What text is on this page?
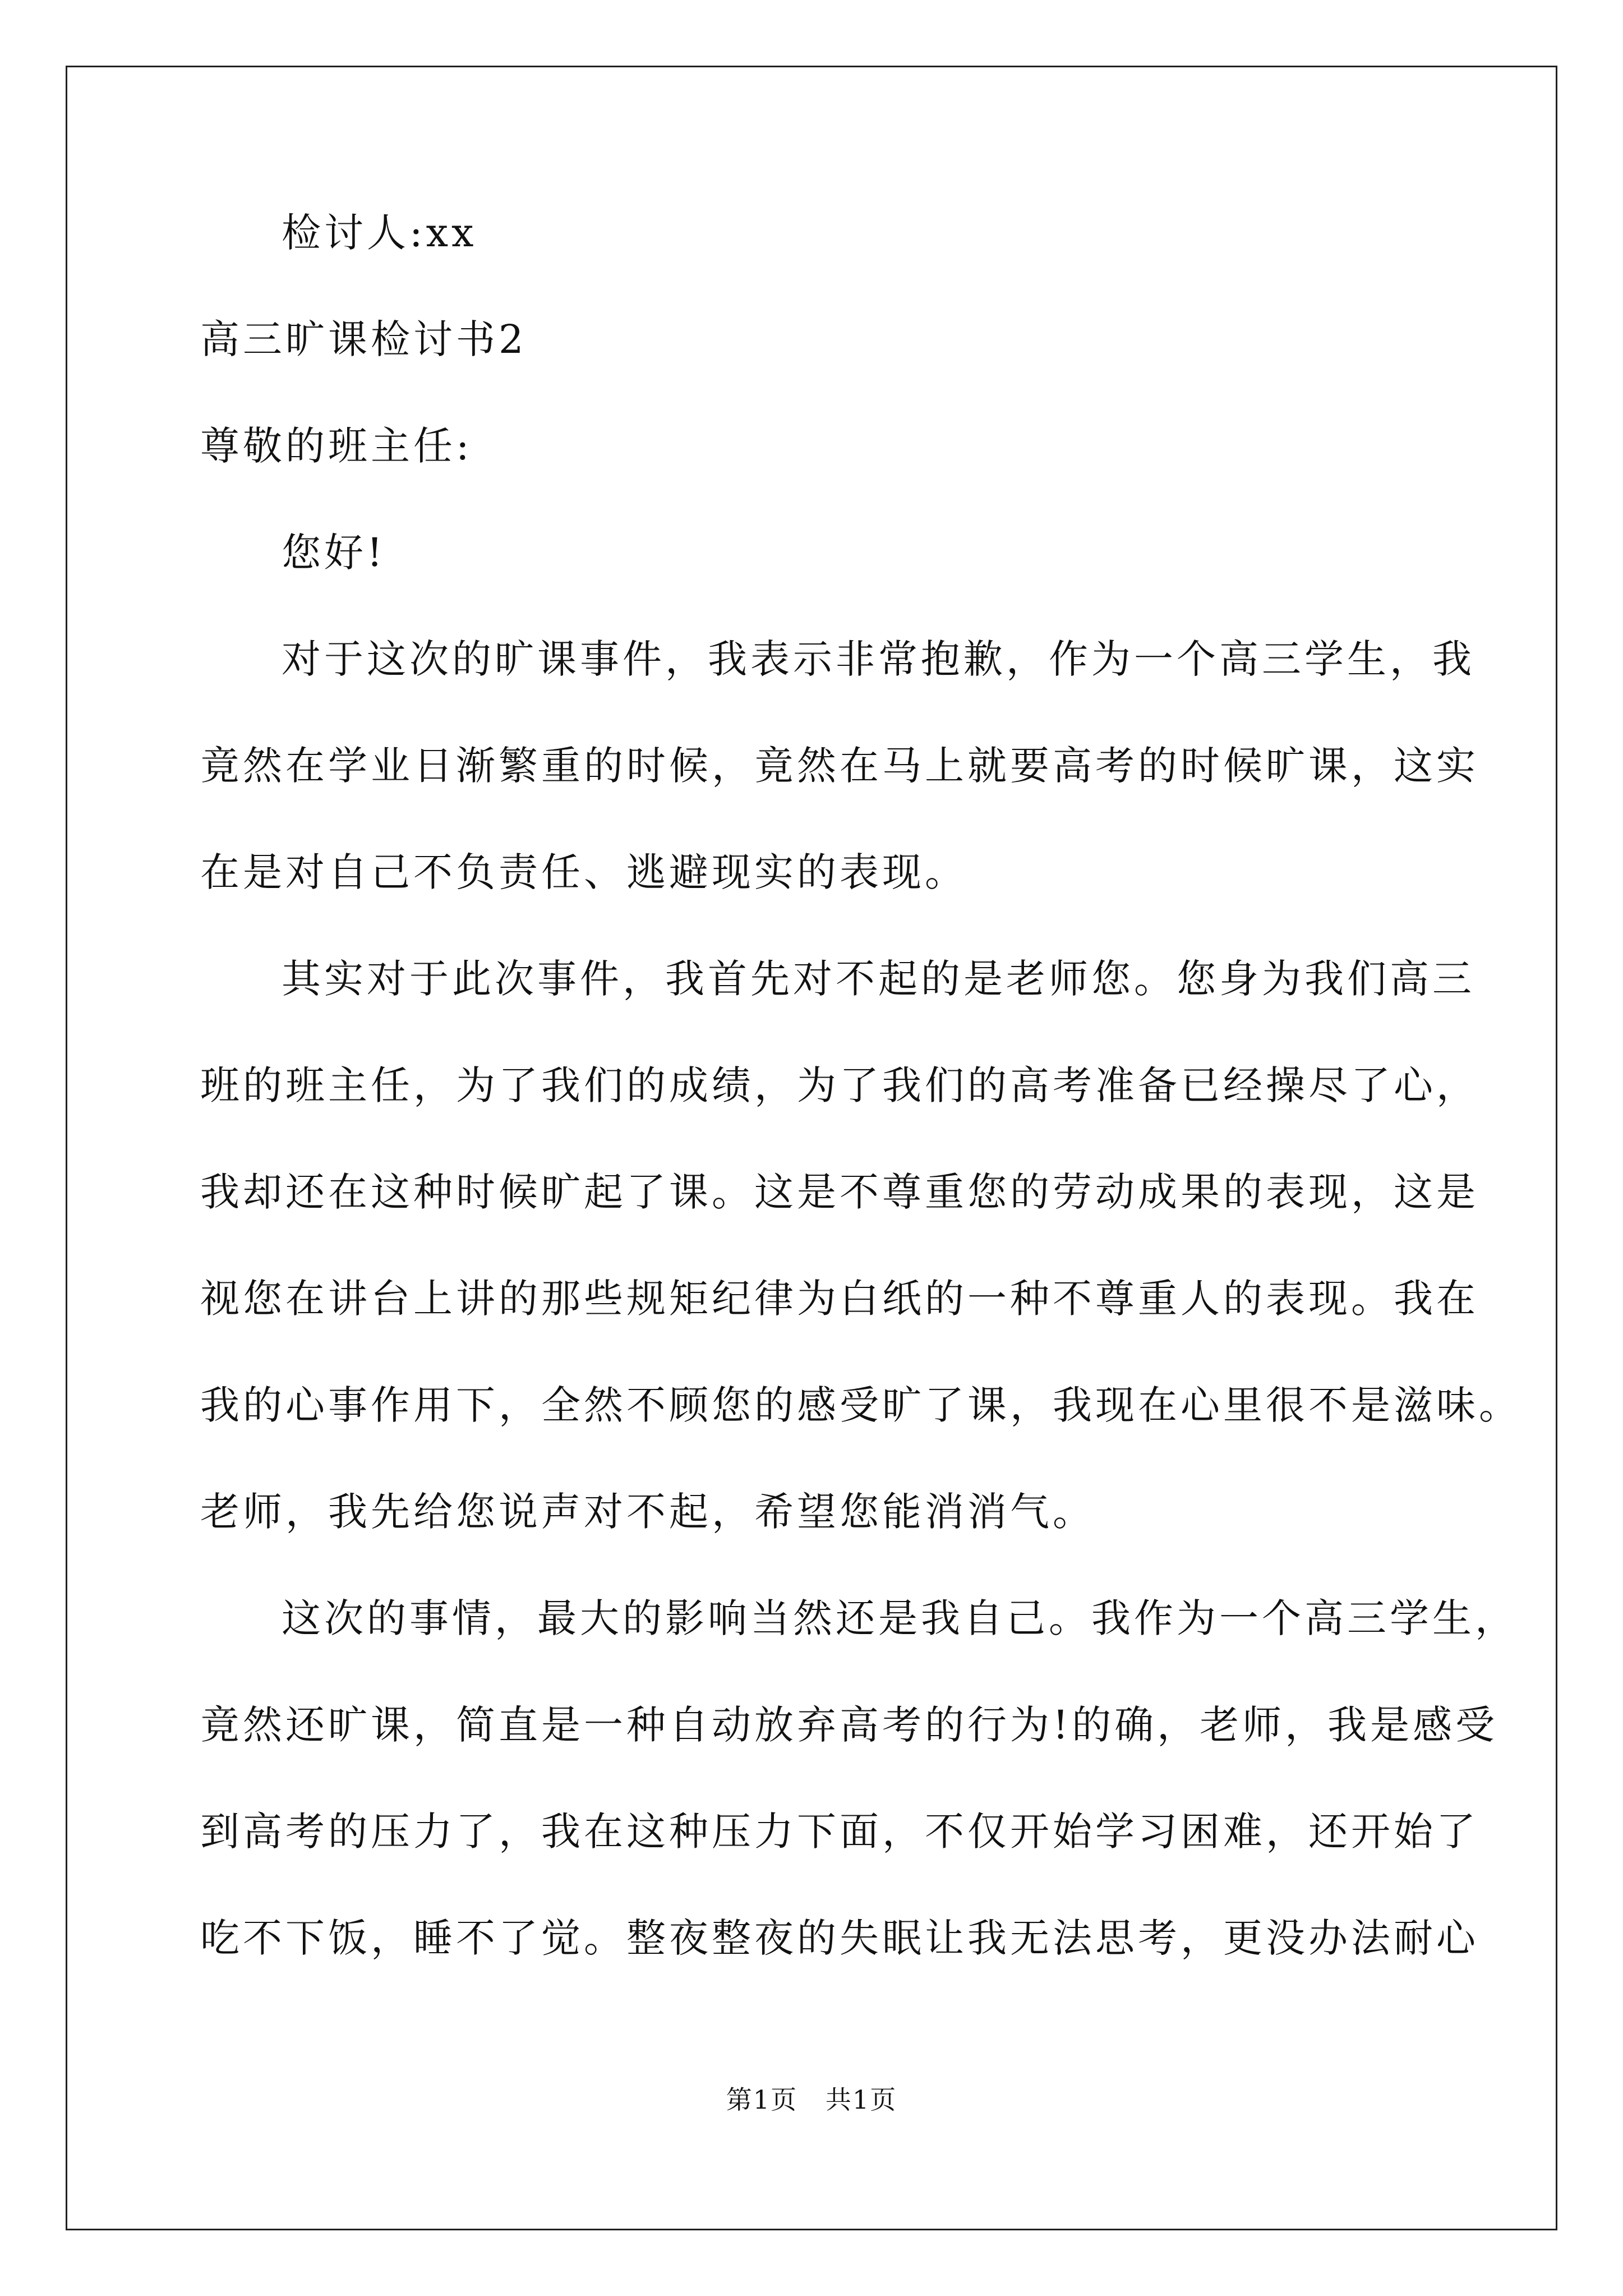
检讨人:xx
高三旷课检讨书2
尊敬的班主任:
您好!
对于这次的旷课事件，我表示非常抱歉，作为一个高三学生，我
竟然在学业日渐繁重的时候，竟然在马上就要高考的时候旷课，这实
在是对自己不负责任、逃避现实的表现。
其实对于此次事件，我首先对不起的是老师您。您身为我们高三
班的班主任，为了我们的成绩，为了我们的高考准备已经操尽了心，
我却还在这种时候旷起了课。这是不尊重您的劳动成果的表现，这是
视您在讲台上讲的那些规矩纪律为白纸的一种不尊重人的表现。我在
我的心事作用下，全然不顾您的感受旷了课，我现在心里很不是滋味。
老师，我先给您说声对不起，希望您能消消气。
这次的事情，最大的影响当然还是我自己。我作为一个高三学生，
竟然还旷课，简直是一种自动放弃高考的行为!的确，老师，我是感受
到高考的压力了，我在这种压力下面，不仅开始学习困难，还开始了
吃不下饭，睡不了觉。整夜整夜的失眠让我无法思考，更没办法耐心
第1页   共1页
